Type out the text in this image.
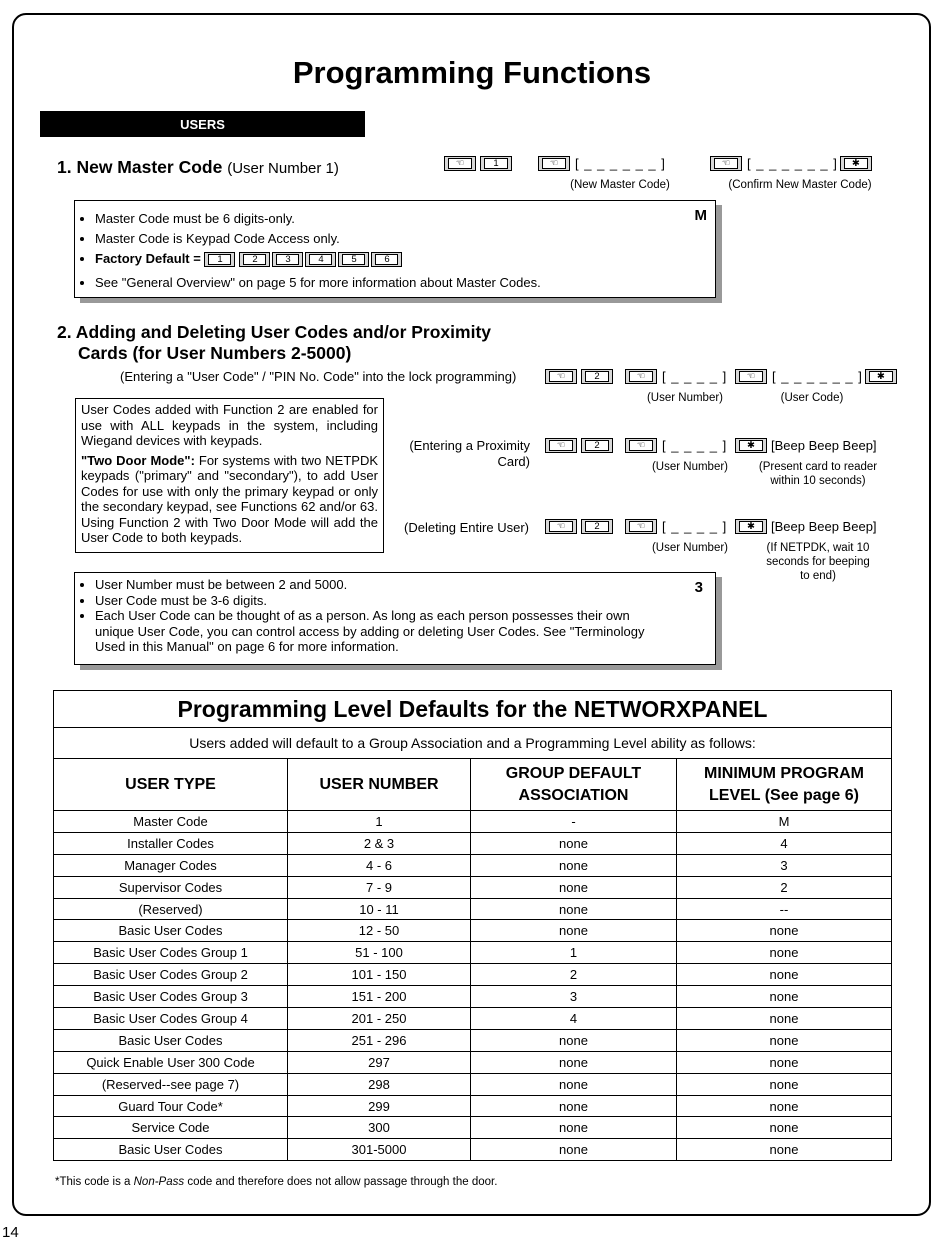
Programming Functions
USERS
1. New Master Code (User Number 1)	☜	1	☜	[ _ _ _ _ _ _ ]	☜	[ _ _ _ _ _ _ ]	✱
(New Master Code)	(Confirm New Master Code)
M
• Master Code must be 6 digits-only.
• Master Code is Keypad Code Access only.
• Factory Default =	1	2	3	4	5	6
• See "General Overview" on page 5 for more information about Master Codes.
2. Adding and Deleting User Codes and/or Proximity
Cards (for User Numbers 2-5000)
(Entering a "User Code" / "PIN No. Code" into the lock programming)	☜	2	☜	[ _ _ _ _ ]	☜	[ _ _ _ _ _ _ ]	✱
(User Number)	(User Code)
User Codes added with Function 2 are enabled for use with ALL keypads in the system, including Wiegand devices with keypads.
"Two Door Mode": For systems with two NETPDK keypads ("primary" and "secondary"), to add User Codes for use with only the primary keypad or only the secondary keypad, see Functions 62 and/or 63. Using Function 2 with Two Door Mode will add the User Code to both keypads.
(Entering a Proximity
Card)
☜	2	☜	[ _ _ _ _ ]	✱	[Beep Beep Beep]
(User Number)	(Present card to reader
within 10 seconds)
(Deleting Entire User)	☜	2	☜	[ _ _ _ _ ]	✱	[Beep Beep Beep]
(User Number)	(If NETPDK, wait 10
seconds for beeping
to end)
3
• User Number must be between 2 and 5000.
• User Code must be 3-6 digits.
• Each User Code can be thought of as a person. As long as each person possesses their own unique User Code, you can control access by adding or deleting User Codes. See "Terminology Used in this Manual" on page 6 for more information.
Programming Level Defaults for the NETWORXPANEL			
Users added will default to a Group Association and a Programming Level ability as follows:			
USER TYPE	USER NUMBER	GROUP DEFAULT ASSOCIATION	MINIMUM PROGRAM LEVEL (See page 6)
Master Code	1	-	M
Installer Codes	2 & 3	none	4
Manager Codes	4 - 6	none	3
Supervisor Codes	7 - 9	none	2
(Reserved)	10 - 11	none	--
Basic User Codes	12 - 50	none	none
Basic User Codes Group 1	51 - 100	1	none
Basic User Codes Group 2	101 - 150	2	none
Basic User Codes Group 3	151 - 200	3	none
Basic User Codes Group 4	201 - 250	4	none
Basic User Codes	251 - 296	none	none
Quick Enable User 300 Code	297	none	none
(Reserved--see page 7)	298	none	none
Guard Tour Code*	299	none	none
Service Code	300	none	none
Basic User Codes	301-5000	none	none
*This code is a Non-Pass code and therefore does not allow passage through the door.
14
